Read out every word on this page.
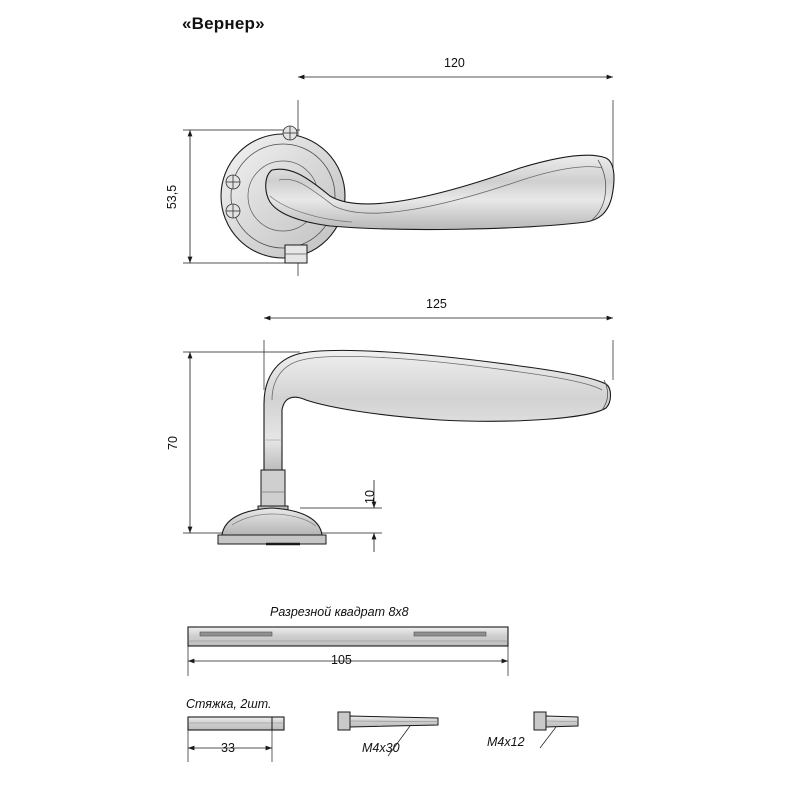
«Вернер»
120
53,5
125
70
10
Разрезной квадрат 8х8
105
Стяжка, 2шт.
33	M4x30	M4x12
